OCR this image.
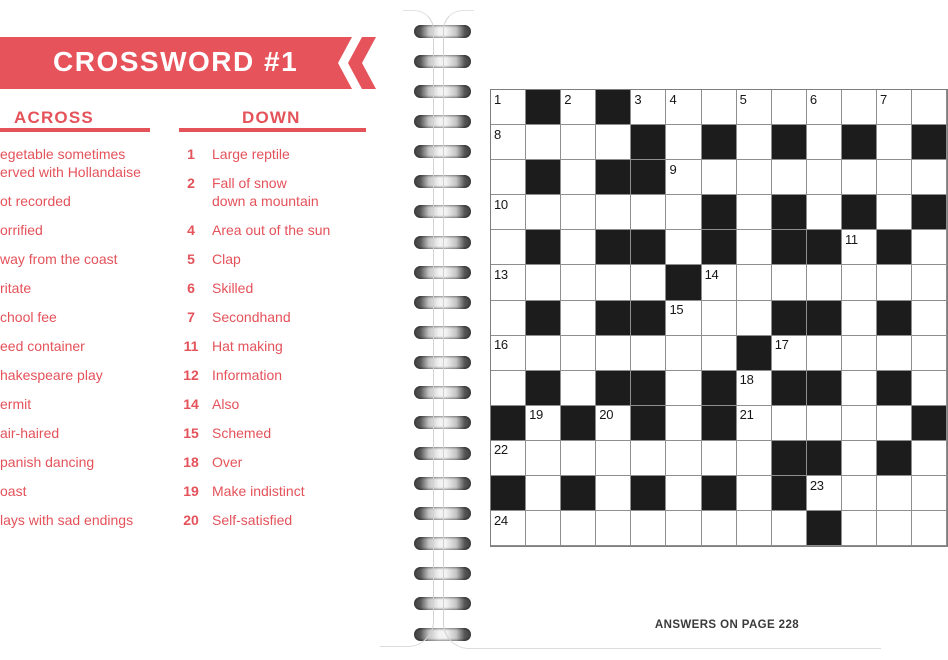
CROSSWORD #1
ACROSS	DOWN
egetable sometimes
erved with Hollandaise
ot recorded
orrified
way from the coast
ritate
chool fee
eed container
hakespeare play
ermit
air-haired
panish dancing
oast
lays with sad endings
1	Large reptile
2	Fall of snow
down a mountain
4	Area out of the sun
5	Clap
6	Skilled
7	Secondhand
11 Hat making
12 Information
14 Also
15 Schemed
18 Over
19 Make indistinct
20 Self-satisfied
1	2	3	4	5	6	7
8
9
10
11
13	14
15
16	17
18
19	20	21
22
23
24
ANSWERS ON PAGE 228
